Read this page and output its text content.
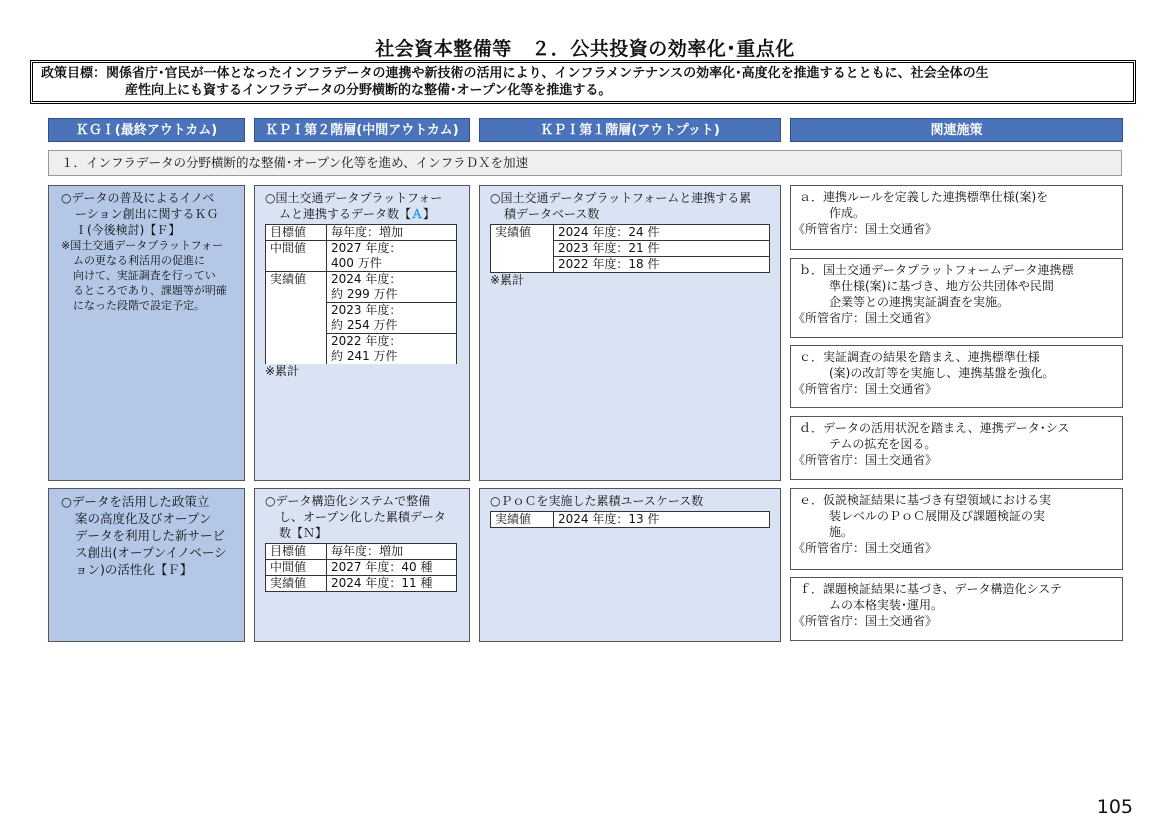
社会資本整備等　２．公共投資の効率化･重点化
政策目標：関係省庁･官民が一体となったインフラデータの連携や新技術の活用により、インフラメンテナンスの効率化･高度化を推進するとともに、社会全体の生
産性向上にも資するインフラデータの分野横断的な整備･オープン化等を推進する。
ＫＧＩ(最終アウトカム)	ＫＰＩ第２階層(中間アウトカム)	ＫＰＩ第１階層(アウトプット)	関連施策
１．インフラデータの分野横断的な整備･オープン化等を進め、インフラＤＸを加速
○データの普及によるイノベ
ーション創出に関するＫＧ
Ｉ(今後検討)【Ｆ】
※国土交通データプラットフォー
ムの更なる利活用の促進に
向けて、実証調査を行ってい
るところであり、課題等が明確
になった段階で設定予定。
○国土交通データプラットフォー
ムと連携するデータ数【Ａ】
目標値	毎年度：増加
中間値	2027 年度：
400 万件
実績値	2024 年度：
約 299 万件

	2023 年度：
約 254 万件

	2022 年度：
約 241 万件
※累計
○国土交通データプラットフォームと連携する累
積データベース数
実績値	2024 年度：24 件
2023 年度：21 件
2022 年度：18 件
※累計
ａ．連携ルールを定義した連携標準仕様(案)を
作成。
《所管省庁：国土交通省》
ｂ．国土交通データプラットフォームデータ連携標
準仕様(案)に基づき、地方公共団体や民間
企業等との連携実証調査を実施。
《所管省庁：国土交通省》
ｃ．実証調査の結果を踏まえ、連携標準仕様
(案)の改訂等を実施し、連携基盤を強化。
《所管省庁：国土交通省》
ｄ．データの活用状況を踏まえ、連携データ･シス
テムの拡充を図る。
《所管省庁：国土交通省》
○データを活用した政策立
案の高度化及びオープン
データを利用した新サービ
ス創出(オープンイノベーシ
ョン)の活性化【Ｆ】
○データ構造化システムで整備
し、オープン化した累積データ
数【Ｎ】
目標値	毎年度：増加
中間値	2027 年度：40 種
実績値	2024 年度：11 種
○ＰｏＣを実施した累積ユースケース数
実績値	2024 年度：13 件
ｅ．仮説検証結果に基づき有望領域における実
装レベルのＰｏＣ展開及び課題検証の実
施。
《所管省庁：国土交通省》
ｆ．課題検証結果に基づき、データ構造化システ
ムの本格実装･運用。
《所管省庁：国土交通省》
105
